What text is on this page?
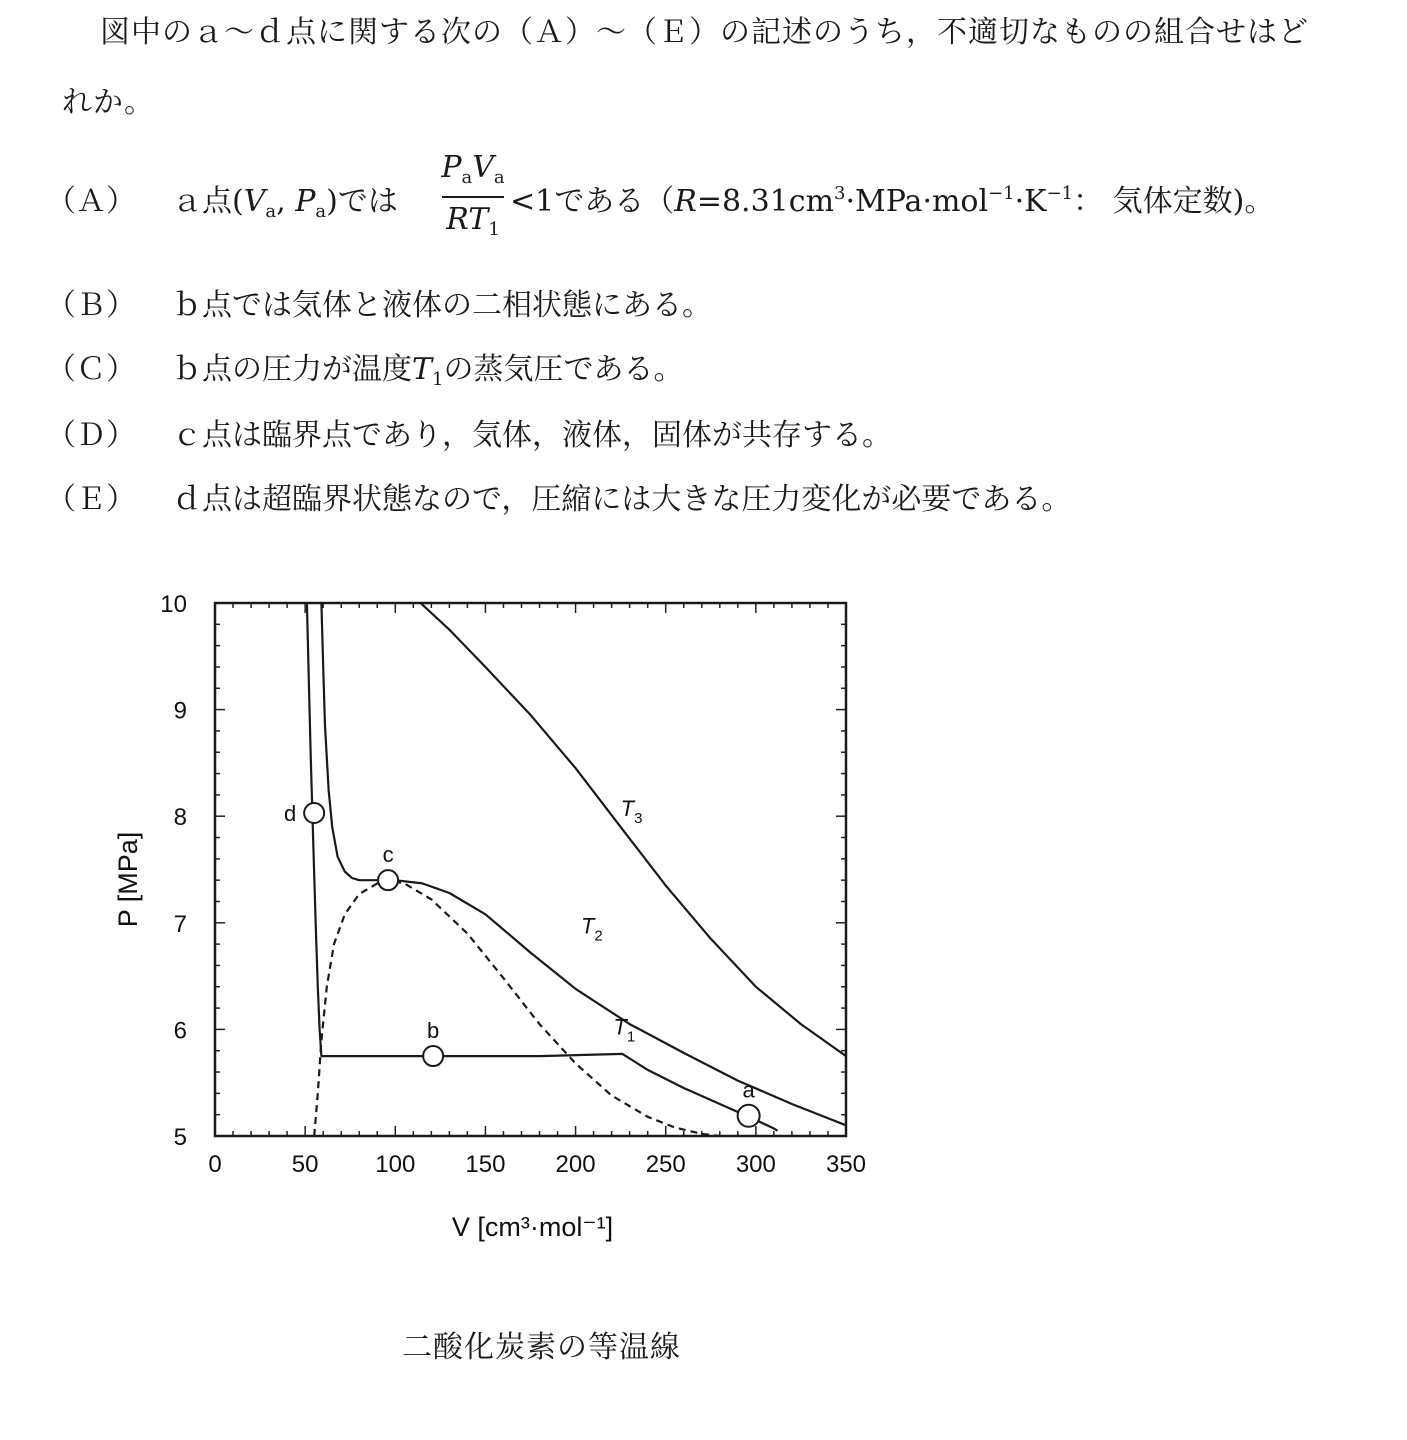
図中のａ～ｄ点に関する次の（Ａ）～（Ｅ）の記述のうち，不適切なものの組合せはど
れか。
（Ａ） ａ点($V_a$, $P_a$)では
$P_aV_a$
$RT_1$
<1である（$R=8.31cm^3\cdot MPa\cdot mol^{-1}\cdot K^{-1}$： 気体定数)。
（Ｂ） ｂ点では気体と液体の二相状態にある。
（Ｃ） ｂ点の圧力が温度$T_1$の蒸気圧である。
（Ｄ） ｃ点は臨界点であり，気体，液体，固体が共存する。
（Ｅ） ｄ点は超臨界状態なので，圧縮には大きな圧力変化が必要である。
0	50 100 150 200 250 300 350
5
6
7
8
9
10
a
b
c
d	$T_3$
$T_2$
$T_1$
V [cm³·mol⁻¹]
P [MPa]
二酸化炭素の等温線
